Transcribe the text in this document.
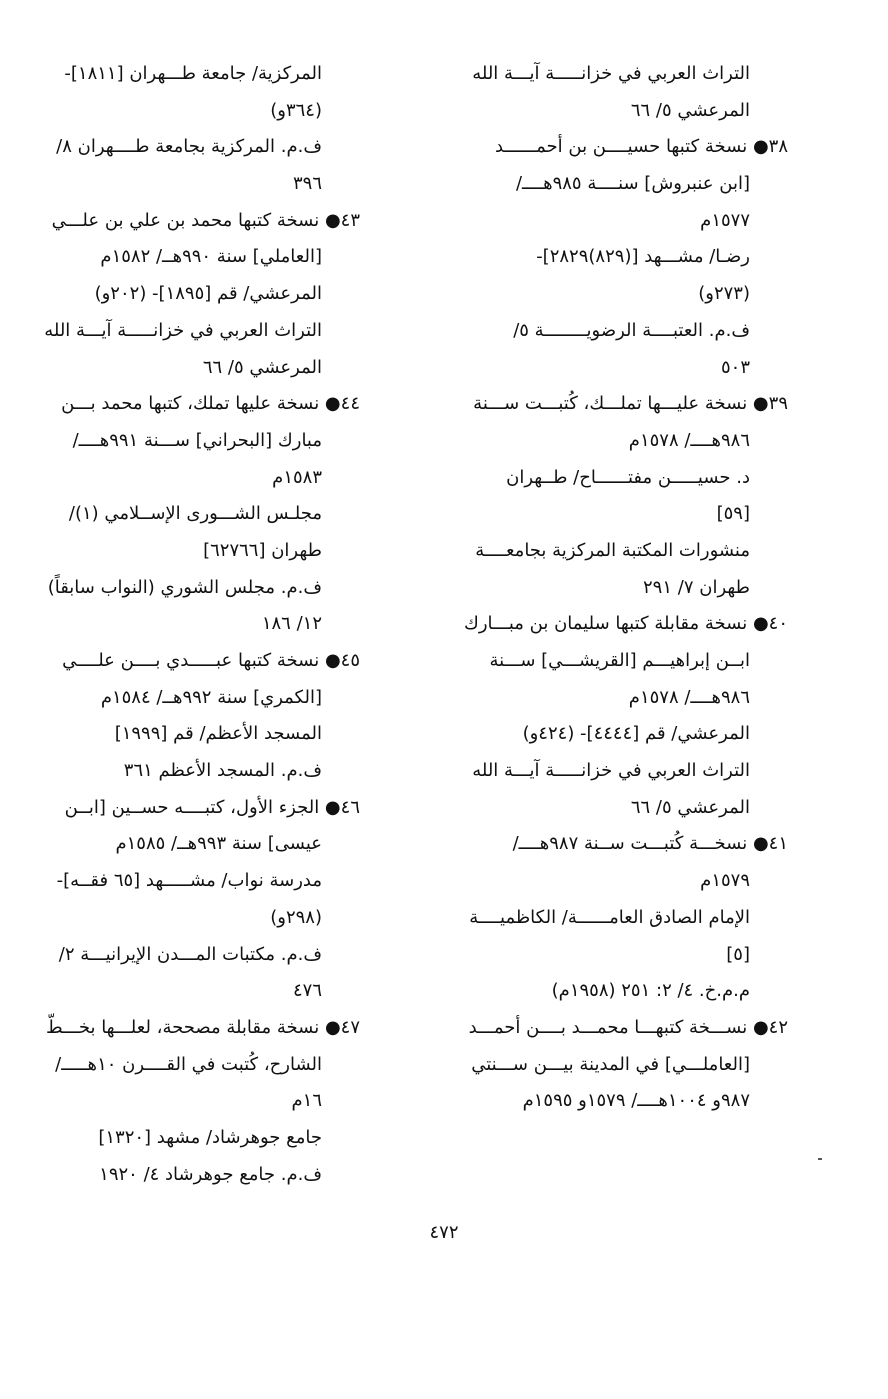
التراث العربي في خزانـــــة آيـــة الله
المرعشي ٥/ ٦٦
٣٨● نسخة كتبها حسيــــن بن أحمــــــد
[ابن عنبروش] سنــــة ٩٨٥هــــ/
١٥٧٧م
رضـا/ مشـــهد [(٨٢٩)٢٨٢٩]-
(٢٧٣و)
ف.م. العتبــــة الرضويــــــــة ٥/
٥٠٣
٣٩● نسخة عليـــها تملـــك، كُتبـــت ســـنة
٩٨٦هــــ/ ١٥٧٨م
د. حسيـــــن مفتــــــاح/ طــهران
[٥٩]
منشورات المكتبة المركزية بجامعــــة
طهران ٧/ ٢٩١
٤٠● نسخة مقابلة كتبها سليمان بن مبـــارك
ابــن إبراهيـــم [القريشـــي] ســـنة
٩٨٦هــــ/ ١٥٧٨م
المرعشي/ قم [٤٤٤٤]- (٤٢٤و)
التراث العربي في خزانـــــة آيـــة الله
المرعشي ٥/ ٦٦
٤١● نسخـــة كُتبـــت ســنة ٩٨٧هــــ/
١٥٧٩م
الإمام الصادق العامــــــة/ الكاظميــــة
[٥]
م.م.خ. ٤/ ٢: ٢٥١ (١٩٥٨م)
٤٢● نســـخة كتبهـــا محمـــد بــــن أحمـــد
[العاملـــي] في المدينة بيـــن ســـنتي
٩٨٧و ١٠٠٤هــــ/ ١٥٧٩و ١٥٩٥م
المركزية/ جامعة طـــهران [١٨١١]-
(٣٦٤و)
ف.م. المركزية بجامعة طــــهران ٨/
٣٩٦
٤٣● نسخة كتبها محمد بن علي بن علـــي
[العاملي] سنة ٩٩٠هــ/ ١٥٨٢م
المرعشي/ قم [١٨٩٥]- (٢٠٢و)
التراث العربي في خزانـــــة آيـــة الله
المرعشي ٥/ ٦٦
٤٤● نسخة عليها تملك، كتبها محمد بـــن
مبارك [البحراني] ســـنة ٩٩١هــــ/
١٥٨٣م
مجلـس الشـــورى الإســلامي (١)/
طهران [٦٢٧٦٦]
ف.م. مجلس الشوري (النواب سابقاً)
١٢/ ١٨٦
٤٥● نسخة كتبها عبـــــدي بــــن علــــي
[الكمري] سنة ٩٩٢هــ/ ١٥٨٤م
المسجد الأعظم/ قم [١٩٩٩]
ف.م. المسجد الأعظم ٣٦١
٤٦● الجزء الأول، كتبــــه حســين [ابــن
عيسى] سنة ٩٩٣هــ/ ١٥٨٥م
مدرسة نواب/ مشـــــهد [٦٥ فقــه]-
(٢٩٨و)
ف.م. مكتبات المـــدن الإيرانيـــة ٢/
٤٧٦
٤٧● نسخة مقابلة مصححة، لعلـــها بخـــطّ
الشارح، كُتبت في القــــرن ١٠هـــــ/
١٦م
جامع جوهرشاد/ مشهد [١٣٢٠]
ف.م. جامع جوهرشاد ٤/ ١٩٢٠
٤٧٢
